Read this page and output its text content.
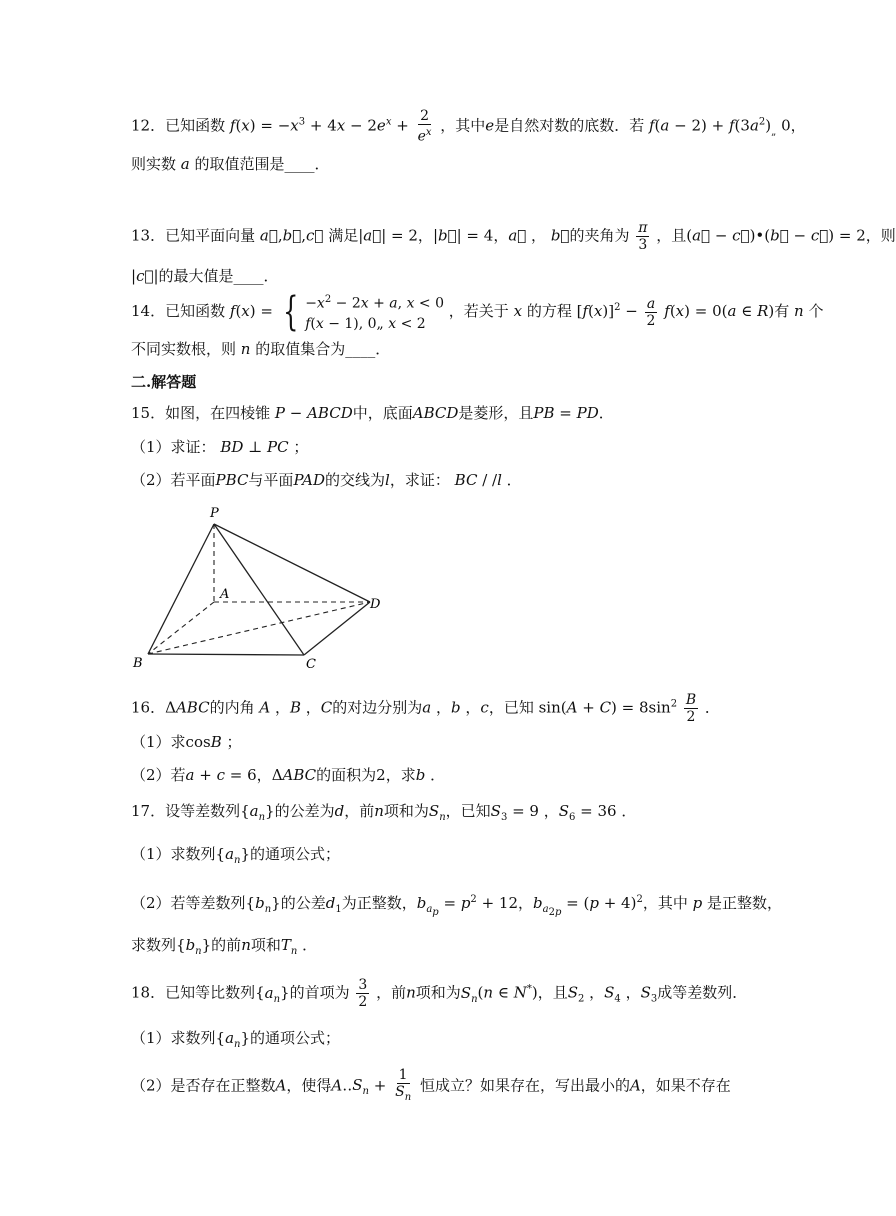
12．已知函数 $f(x) = -x^3 + 4x - 2e^x + \frac{2}{e^x}$ ，其中e是自然对数的底数．若 $f(a - 2) + f(3a^2)_„$ 0，
则实数 a 的取值范围是____．
13．已知平面向量 a⃗,b⃗,c⃗ 满足|a⃗| = 2，|b⃗| = 4，a⃗ ， b⃗的夹角为 $\frac{\pi}{3}$ ，且(a⃗ − c⃗)•(b⃗ − c⃗) = 2，则
|c⃗|的最大值是____．
14．已知函数 f(x) = { $-x^2 - 2x + a$, x < 0
f(x − 1), 0„ x < 2
，若关于 x 的方程 $[f(x)]^2 - \frac{a}{2} f(x) = 0(a$ ∈ R)有 n 个
不同实数根，则 n 的取值集合为____．
二.解答题
15．如图，在四棱锥 P − ABCD中，底面ABCD是菱形，且PB = PD．
（1）求证： BD ⊥ PC ；
（2）若平面PBC与平面PAD的交线为l，求证： BC / /l ．
P
A
B	C
D
16．ΔABC的内角 A ，B ，C的对边分别为a ，b ，c，已知 $\sin(A + C) = 8\sin^2 \frac{B}{2}$ ．
（1）求cosB ；
（2）若a + c = 6，ΔABC的面积为2，求b ．
17．设等差数列$\{a_n\}$的公差为d，前n项和为$S_n$，已知$S_3 = 9$ ，$S_6 = 36$ ．
（1）求数列$\{a_n\}$的通项公式；
（2）若等差数列$\{b_n\}$的公差$d_1$为正整数，$b_{a_p} = p^2 + 12$，$b_{a_{2p}} = (p + 4)^2$，其中 p 是正整数，
求数列$\{b_n\}$的前n项和$T_n$ ．
18．已知等比数列$\{a_n\}$的首项为 $\frac{3}{2}$ ，前n项和为$S_n(n$ ∈ N*)，且$S_2$ ，$S_4$ ，$S_3$成等差数列．
（1）求数列$\{a_n\}$的通项公式；
（2）是否存在正整数A，使得$A‥S_n + \frac{1}{S_n}$ 恒成立？如果存在，写出最小的A，如果不存在
